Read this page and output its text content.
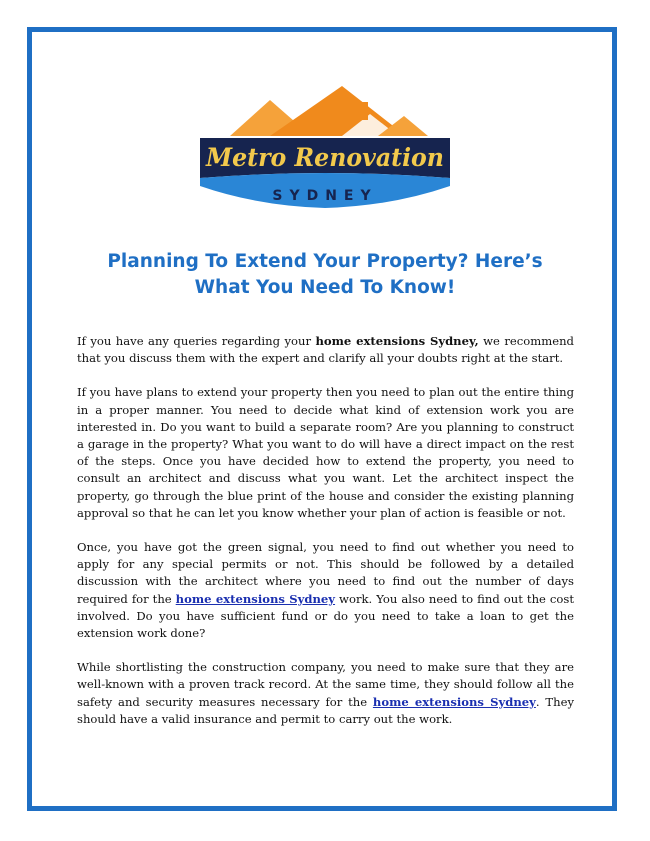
Metro Renovation
SYDNEY
Planning To Extend Your Property? Here’s
What You Need To Know!

If you have any queries regarding your home extensions Sydney, we recommend that you discuss them with the expert and clarify all your doubts right at the start.

If you have plans to extend your property then you need to plan out the entire thing in a proper manner. You need to decide what kind of extension work you are interested in. Do you want to build a separate room? Are you planning to construct a garage in the property? What you want to do will have a direct impact on the rest of the steps. Once you have decided how to extend the property, you need to consult an architect and discuss what you want. Let the architect inspect the property, go through the blue print of the house and consider the existing planning approval so that he can let you know whether your plan of action is feasible or not.

Once, you have got the green signal, you need to find out whether you need to apply for any special permits or not. This should be followed by a detailed discussion with the architect where you need to find out the number of days required for the home extensions Sydney work. You also need to find out the cost involved. Do you have sufficient fund or do you need to take a loan to get the extension work done?

While shortlisting the construction company, you need to make sure that they are well-known with a proven track record. At the same time, they should follow all the safety and security measures necessary for the home extensions Sydney. They should have a valid insurance and permit to carry out the work.
